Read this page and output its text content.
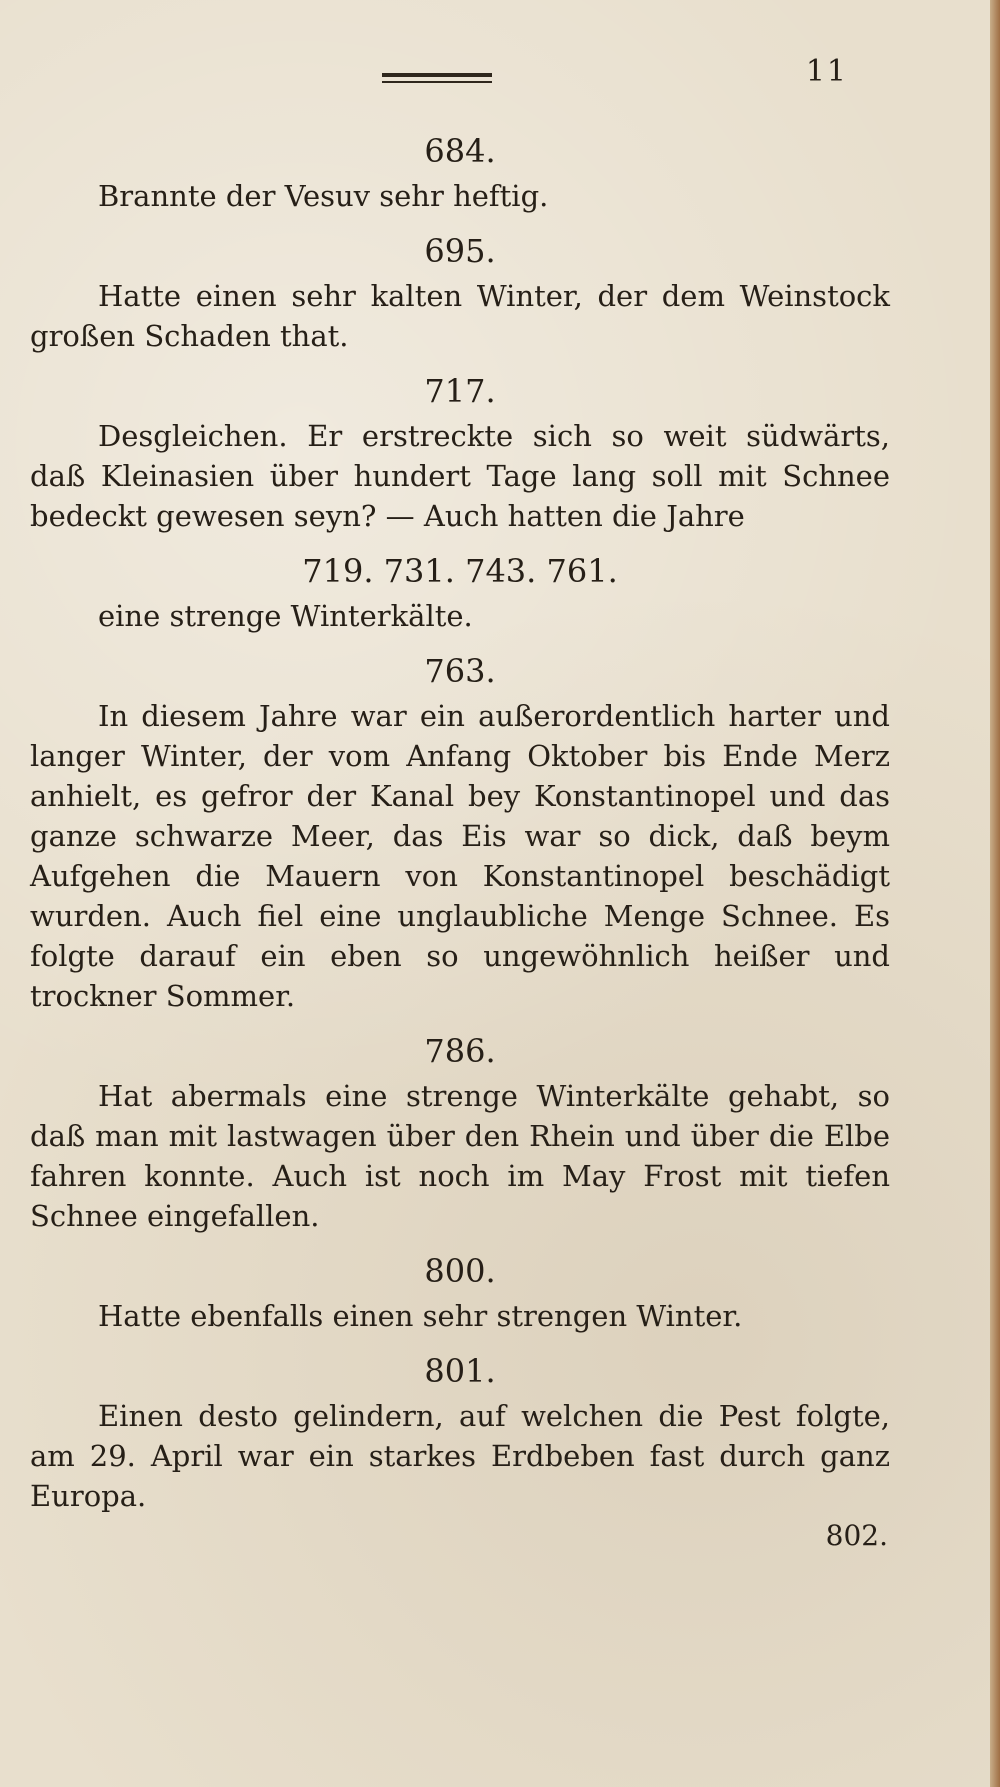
11
684.

Brannte der Vesuv sehr heftig.

695.

Hatte einen sehr kalten Winter, der dem Weinstock großen Schaden that.

717.

Desgleichen. Er erstreckte sich so weit südwärts, daß Kleinasien über hundert Tage lang soll mit Schnee bedeckt gewesen seyn? — Auch hatten die Jahre

719. 731. 743. 761.

eine strenge Winterkälte.

763.

In diesem Jahre war ein außerordentlich harter und langer Winter, der vom Anfang Oktober bis Ende Merz anhielt, es gefror der Kanal bey Konstantinopel und das ganze schwarze Meer, das Eis war so dick, daß beym Aufgehen die Mauern von Konstantinopel beschädigt wurden. Auch fiel eine unglaubliche Menge Schnee. Es folgte darauf ein eben so ungewöhnlich heißer und trockner Sommer.

786.

Hat abermals eine strenge Winterkälte gehabt, so daß man mit lastwagen über den Rhein und über die Elbe fahren konnte. Auch ist noch im May Frost mit tiefen Schnee eingefallen.

800.

Hatte ebenfalls einen sehr strengen Winter.

801.

Einen desto gelindern, auf welchen die Pest folgte, am 29. April war ein starkes Erdbeben fast durch ganz Europa.

802.
